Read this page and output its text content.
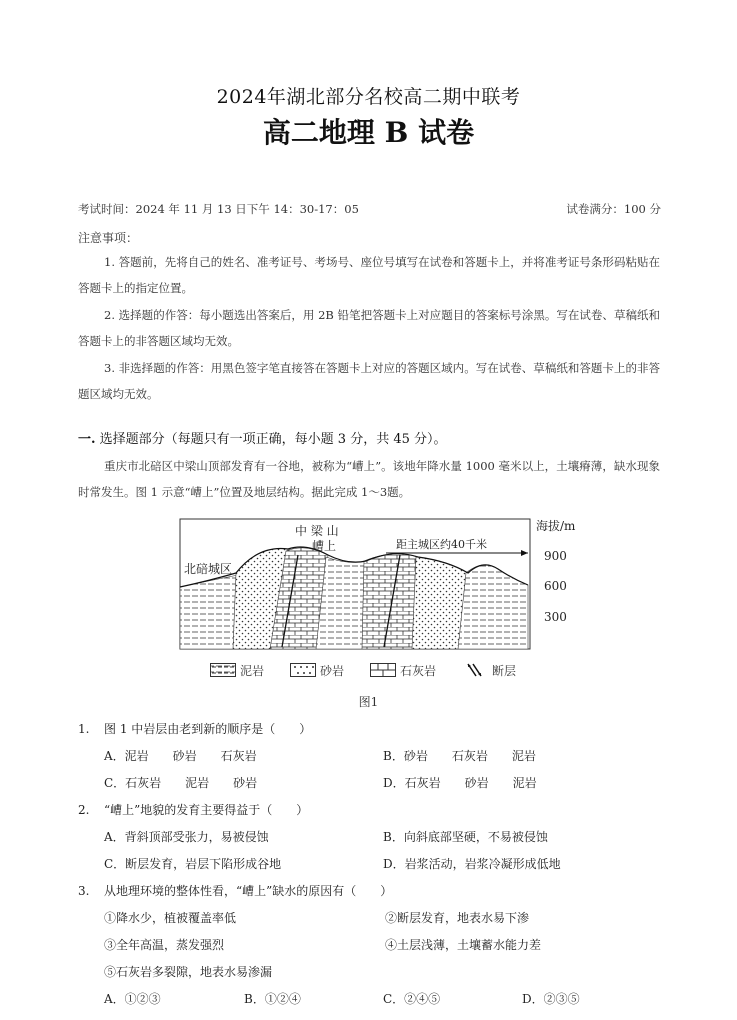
2024年湖北部分名校高二期中联考
高二地理 B 试卷
考试时间：2024 年 11 月 13 日下午 14：30-17：05	试卷满分：100 分
注意事项：

1. 答题前，先将自己的姓名、准考证号、考场号、座位号填写在试卷和答题卡上，并将准考证号条形码粘贴在答题卡上的指定位置。

2. 选择题的作答：每小题选出答案后，用 2B 铅笔把答题卡上对应题目的答案标号涂黑。写在试卷、草稿纸和答题卡上的非答题区域均无效。

3. 非选择题的作答：用黑色签字笔直接答在答题卡上对应的答题区域内。写在试卷、草稿纸和答题卡上的非答题区域均无效。

一. 选择题部分（每题只有一项正确，每小题 3 分，共 45 分）。

重庆市北碚区中梁山顶部发育有一谷地，被称为“嶆上”。该地年降水量 1000 毫米以上，土壤瘠薄，缺水现象时常发生。图 1 示意“嶆上”位置及地层结构。据此完成 1～3题。

中 梁 山
嶆上
北碚城区
距主城区约40千米
海拔/m
900
600
300
泥岩	砂岩	石灰岩	断层
图1
1. 图 1 中岩层由老到新的顺序是（　　）
A．泥岩　　砂岩　　石灰岩	B．砂岩　　石灰岩　　泥岩
C．石灰岩　　泥岩　　砂岩	D．石灰岩　　砂岩　　泥岩
2. “嶆上”地貌的发育主要得益于（　　）
A．背斜顶部受张力，易被侵蚀	B．向斜底部坚硬，不易被侵蚀
C．断层发育，岩层下陷形成谷地	D．岩浆活动，岩浆冷凝形成低地
3. 从地理环境的整体性看，“嶆上”缺水的原因有（　　）
①降水少，植被覆盖率低	②断层发育，地表水易下渗
③全年高温，蒸发强烈	④土层浅薄，土壤蓄水能力差
⑤石灰岩多裂隙，地表水易渗漏
A．①②③	B．①②④	C．②④⑤	D．②③⑤
